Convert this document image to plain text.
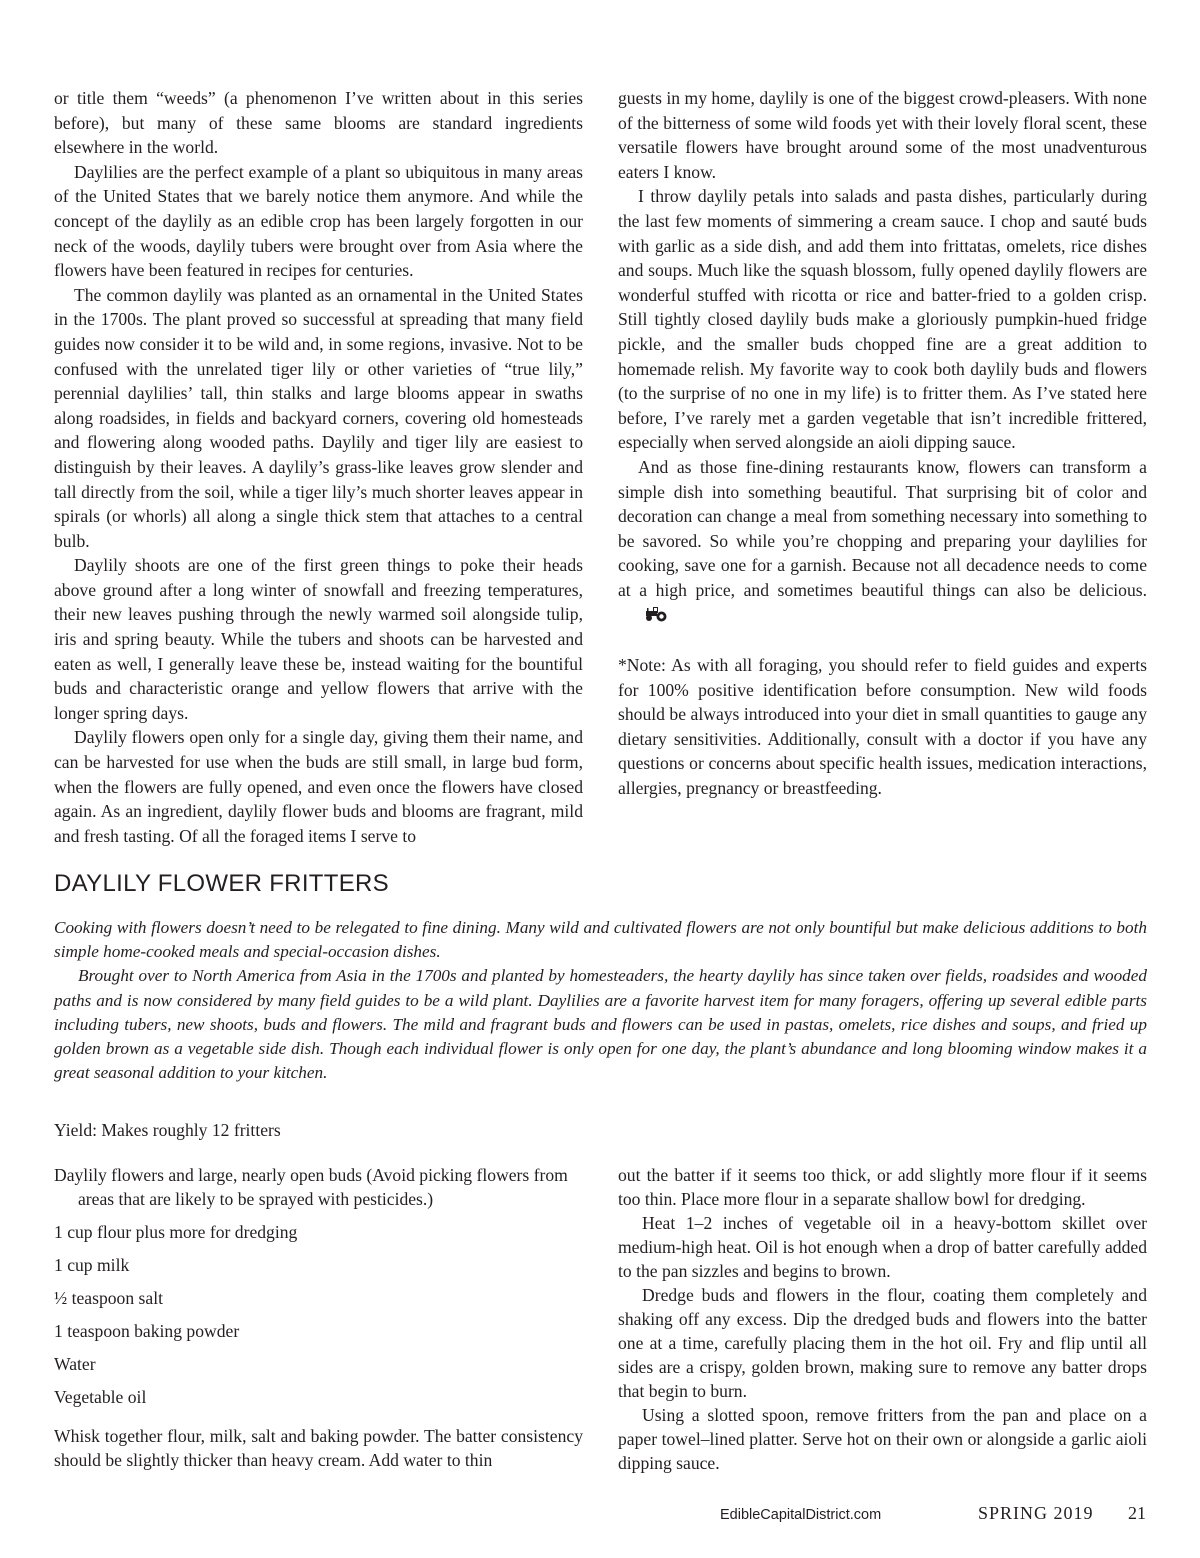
or title them “weeds” (a phenomenon I’ve written about in this series before), but many of these same blooms are standard ingredients elsewhere in the world.

Daylilies are the perfect example of a plant so ubiquitous in many areas of the United States that we barely notice them anymore. And while the concept of the daylily as an edible crop has been largely forgotten in our neck of the woods, daylily tubers were brought over from Asia where the flowers have been featured in recipes for centuries.

The common daylily was planted as an ornamental in the United States in the 1700s. The plant proved so successful at spreading that many field guides now consider it to be wild and, in some regions, invasive. Not to be confused with the unrelated tiger lily or other varieties of “true lily,” perennial daylilies’ tall, thin stalks and large blooms appear in swaths along roadsides, in fields and backyard corners, covering old homesteads and flowering along wooded paths. Daylily and tiger lily are easiest to distinguish by their leaves. A daylily’s grass-like leaves grow slender and tall directly from the soil, while a tiger lily’s much shorter leaves appear in spirals (or whorls) all along a single thick stem that attaches to a central bulb.

Daylily shoots are one of the first green things to poke their heads above ground after a long winter of snowfall and freezing temperatures, their new leaves pushing through the newly warmed soil alongside tulip, iris and spring beauty. While the tubers and shoots can be harvested and eaten as well, I generally leave these be, instead waiting for the bountiful buds and characteristic orange and yellow flowers that arrive with the longer spring days.

Daylily flowers open only for a single day, giving them their name, and can be harvested for use when the buds are still small, in large bud form, when the flowers are fully opened, and even once the flowers have closed again. As an ingredient, daylily flower buds and blooms are fragrant, mild and fresh tasting. Of all the foraged items I serve to

guests in my home, daylily is one of the biggest crowd-pleasers. With none of the bitterness of some wild foods yet with their lovely floral scent, these versatile flowers have brought around some of the most unadventurous eaters I know.

I throw daylily petals into salads and pasta dishes, particularly during the last few moments of simmering a cream sauce. I chop and sauté buds with garlic as a side dish, and add them into frittatas, omelets, rice dishes and soups. Much like the squash blossom, fully opened daylily flowers are wonderful stuffed with ricotta or rice and batter-fried to a golden crisp. Still tightly closed daylily buds make a gloriously pumpkin-hued fridge pickle, and the smaller buds chopped fine are a great addition to homemade relish. My favorite way to cook both daylily buds and flowers (to the surprise of no one in my life) is to fritter them. As I’ve stated here before, I’ve rarely met a garden vegetable that isn’t incredible frittered, especially when served alongside an aioli dipping sauce.

And as those fine-dining restaurants know, flowers can transform a simple dish into something beautiful. That surprising bit of color and decoration can change a meal from something necessary into something to be savored. So while you’re chopping and preparing your daylilies for cooking, save one for a garnish. Because not all decadence needs to come at a high price, and sometimes beautiful things can also be delicious.

*Note: As with all foraging, you should refer to field guides and experts for 100% positive identification before consumption. New wild foods should be always introduced into your diet in small quantities to gauge any dietary sensitivities. Additionally, consult with a doctor if you have any questions or concerns about specific health issues, medication interactions, allergies, pregnancy or breastfeeding.

DAYLILY FLOWER FRITTERS

Cooking with flowers doesn’t need to be relegated to fine dining. Many wild and cultivated flowers are not only bountiful but make delicious additions to both simple home-cooked meals and special-occasion dishes.

Brought over to North America from Asia in the 1700s and planted by homesteaders, the hearty daylily has since taken over fields, roadsides and wooded paths and is now considered by many field guides to be a wild plant. Daylilies are a favorite harvest item for many foragers, offering up several edible parts including tubers, new shoots, buds and flowers. The mild and fragrant buds and flowers can be used in pastas, omelets, rice dishes and soups, and fried up golden brown as a vegetable side dish. Though each individual flower is only open for one day, the plant’s abundance and long blooming window makes it a great seasonal addition to your kitchen.

Yield: Makes roughly 12 fritters
Daylily flowers and large, nearly open buds (Avoid picking flowers from areas that are likely to be sprayed with pesticides.)
1 cup flour plus more for dredging
1 cup milk
½ teaspoon salt
1 teaspoon baking powder
Water
Vegetable oil

Whisk together flour, milk, salt and baking powder. The batter consistency should be slightly thicker than heavy cream. Add water to thin

out the batter if it seems too thick, or add slightly more flour if it seems too thin. Place more flour in a separate shallow bowl for dredging.

Heat 1–2 inches of vegetable oil in a heavy-bottom skillet over medium-high heat. Oil is hot enough when a drop of batter carefully added to the pan sizzles and begins to brown.

Dredge buds and flowers in the flour, coating them completely and shaking off any excess. Dip the dredged buds and flowers into the batter one at a time, carefully placing them in the hot oil. Fry and flip until all sides are a crispy, golden brown, making sure to remove any batter drops that begin to burn.

Using a slotted spoon, remove fritters from the pan and place on a paper towel–lined platter. Serve hot on their own or alongside a garlic aioli dipping sauce.

EdibleCapitalDistrict.com	SPRING 2019 21
